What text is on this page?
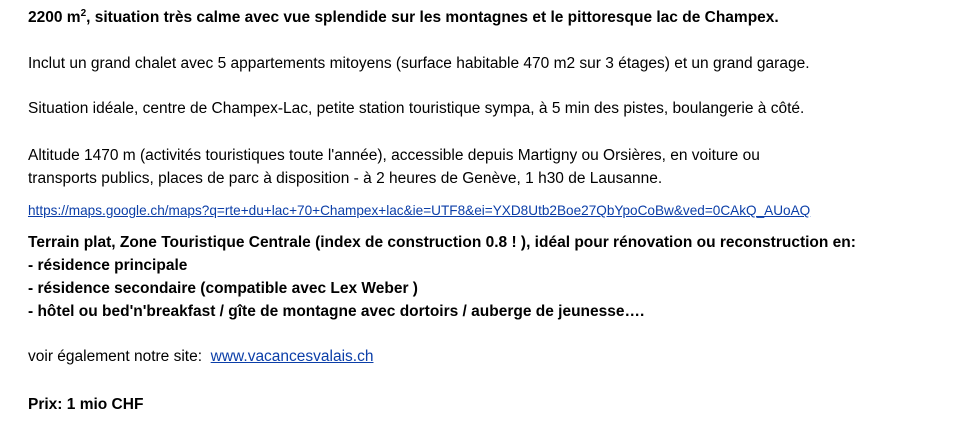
2200 $m^2$, situation très calme avec vue splendide sur les montagnes et le pittoresque lac de Champex.
Inclut un grand chalet avec 5 appartements mitoyens (surface habitable 470 m2 sur 3 étages) et un grand garage.
Situation idéale, centre de Champex-Lac, petite station touristique sympa, à 5 min des pistes, boulangerie à côté.
Altitude 1470 m (activités touristiques toute l'année), accessible depuis Martigny ou Orsières, en voiture ou
transports publics, places de parc à disposition - à 2 heures de Genève, 1 h30 de Lausanne.
https://maps.google.ch/maps?q=rte+du+lac+70+Champex+lac&ie=UTF8&ei=YXD8Utb2Boe27QbYpoCoBw&ved=0CAkQ_AUoAQ
Terrain plat, Zone Touristique Centrale (index de construction 0.8 ! ), idéal pour rénovation ou reconstruction en:
- résidence principale
- résidence secondaire (compatible avec Lex Weber )
- hôtel ou bed'n'breakfast / gîte de montagne avec dortoirs / auberge de jeunesse….
voir également notre site:  www.vacancesvalais.ch
Prix: 1 mio CHF
